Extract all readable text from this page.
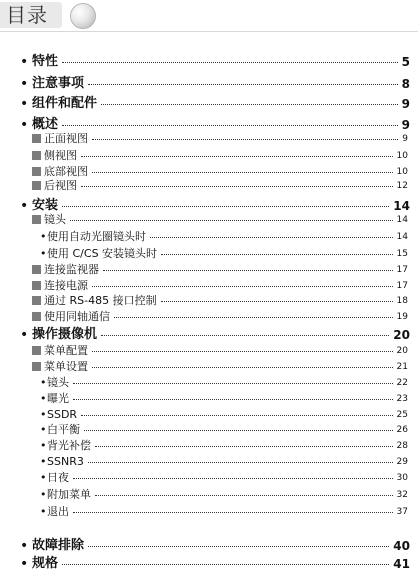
目录
• 特性	5
• 注意事项	8
• 组件和配件	9
• 概述	9
正面视图	9
侧视图	10
底部视图	10
后视图	12
• 安装	14
镜头	14
• 使用自动光圈镜头时	14
• 使用 C/CS 安装镜头时	15
连接监视器	17
连接电源	17
通过 RS-485 接口控制	18
使用同轴通信	19
• 操作摄像机	20
菜单配置	20
菜单设置	21
• 镜头	22
• 曝光	23
• SSDR	25
• 白平衡	26
• 背光补偿	28
• SSNR3	29
• 日夜	30
• 附加菜单	32
• 退出	37
• 故障排除	40
• 规格	41
